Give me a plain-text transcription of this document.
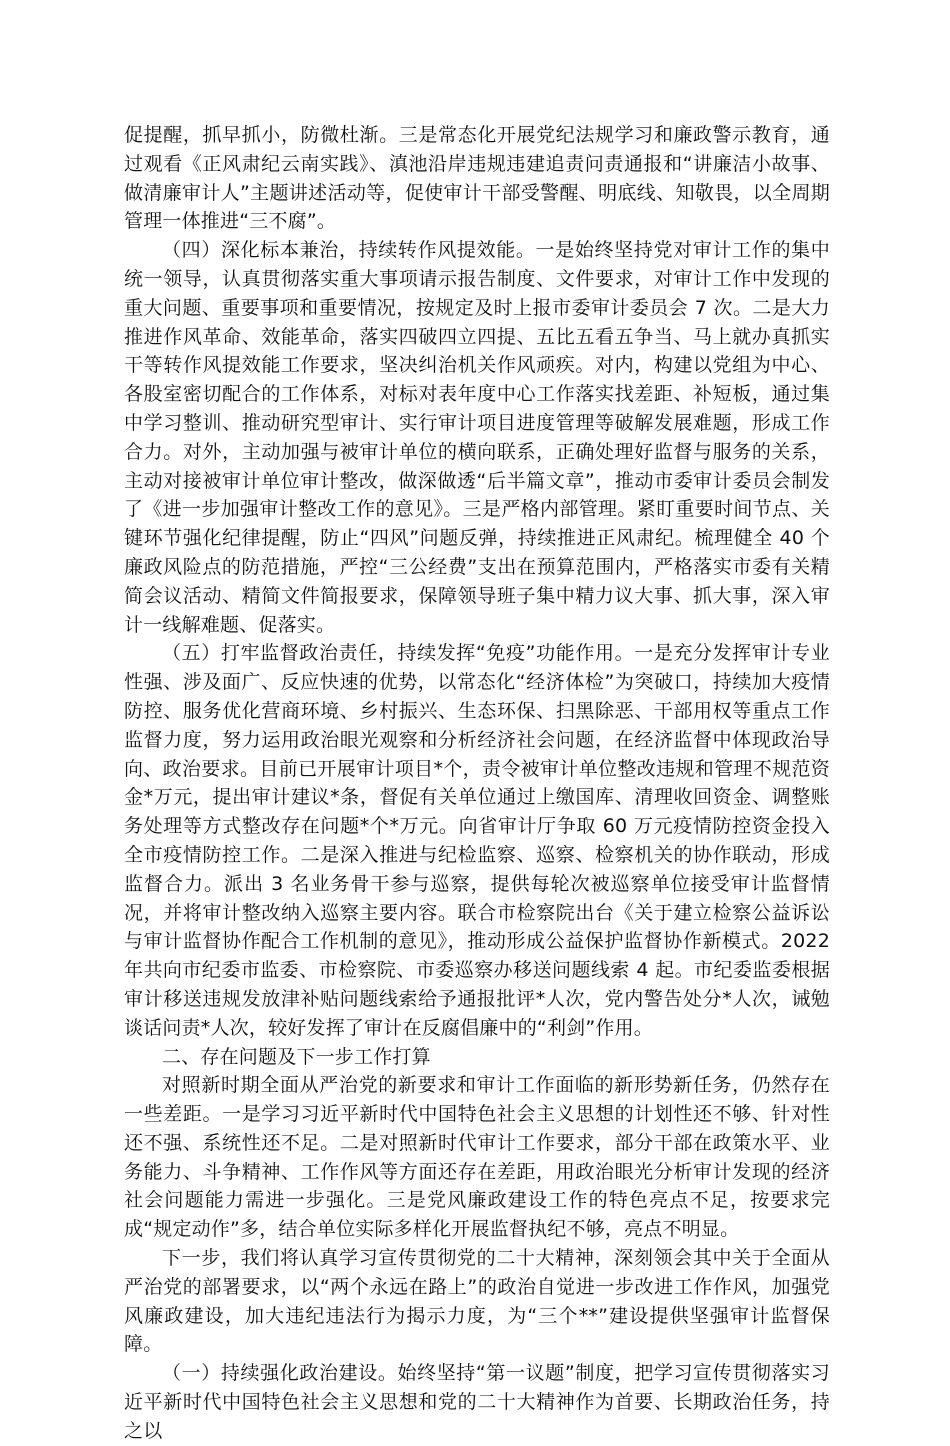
促提醒，抓早抓小，防微杜渐。三是常态化开展党纪法规学习和廉政警示教育，通过观看《正风肃纪云南实践》、滇池沿岸违规违建追责问责通报和“讲廉洁小故事、做清廉审计人”主题讲述活动等，促使审计干部受警醒、明底线、知敬畏，以全周期管理一体推进“三不腐”。

（四）深化标本兼治，持续转作风提效能。一是始终坚持党对审计工作的集中统一领导，认真贯彻落实重大事项请示报告制度、文件要求，对审计工作中发现的重大问题、重要事项和重要情况，按规定及时上报市委审计委员会 7 次。二是大力推进作风革命、效能革命，落实四破四立四提、五比五看五争当、马上就办真抓实干等转作风提效能工作要求，坚决纠治机关作风顽疾。对内，构建以党组为中心、各股室密切配合的工作体系，对标对表年度中心工作落实找差距、补短板，通过集中学习整训、推动研究型审计、实行审计项目进度管理等破解发展难题，形成工作合力。对外，主动加强与被审计单位的横向联系，正确处理好监督与服务的关系，主动对接被审计单位审计整改，做深做透“后半篇文章”，推动市委审计委员会制发了《进一步加强审计整改工作的意见》。三是严格内部管理。紧盯重要时间节点、关键环节强化纪律提醒，防止“四风”问题反弹，持续推进正风肃纪。梳理健全 40 个廉政风险点的防范措施，严控“三公经费”支出在预算范围内，严格落实市委有关精简会议活动、精简文件简报要求，保障领导班子集中精力议大事、抓大事，深入审计一线解难题、促落实。

（五）打牢监督政治责任，持续发挥“免疫”功能作用。一是充分发挥审计专业性强、涉及面广、反应快速的优势，以常态化“经济体检”为突破口，持续加大疫情防控、服务优化营商环境、乡村振兴、生态环保、扫黑除恶、干部用权等重点工作监督力度，努力运用政治眼光观察和分析经济社会问题，在经济监督中体现政治导向、政治要求。目前已开展审计项目*个，责令被审计单位整改违规和管理不规范资金*万元，提出审计建议*条，督促有关单位通过上缴国库、清理收回资金、调整账务处理等方式整改存在问题*个*万元。向省审计厅争取 60 万元疫情防控资金投入全市疫情防控工作。二是深入推进与纪检监察、巡察、检察机关的协作联动，形成监督合力。派出 3 名业务骨干参与巡察，提供每轮次被巡察单位接受审计监督情况，并将审计整改纳入巡察主要内容。联合市检察院出台《关于建立检察公益诉讼与审计监督协作配合工作机制的意见》，推动形成公益保护监督协作新模式。2022 年共向市纪委市监委、市检察院、市委巡察办移送问题线索 4 起。市纪委监委根据审计移送违规发放津补贴问题线索给予通报批评*人次，党内警告处分*人次，诫勉谈话问责*人次，较好发挥了审计在反腐倡廉中的“利剑”作用。

二、存在问题及下一步工作打算

对照新时期全面从严治党的新要求和审计工作面临的新形势新任务，仍然存在一些差距。一是学习习近平新时代中国特色社会主义思想的计划性还不够、针对性还不强、系统性还不足。二是对照新时代审计工作要求，部分干部在政策水平、业务能力、斗争精神、工作作风等方面还存在差距，用政治眼光分析审计发现的经济社会问题能力需进一步强化。三是党风廉政建设工作的特色亮点不足，按要求完成“规定动作”多，结合单位实际多样化开展监督执纪不够，亮点不明显。

下一步，我们将认真学习宣传贯彻党的二十大精神，深刻领会其中关于全面从严治党的部署要求，以“两个永远在路上”的政治自觉进一步改进工作作风，加强党风廉政建设，加大违纪违法行为揭示力度，为“三个**”建设提供坚强审计监督保障。

（一）持续强化政治建设。始终坚持“第一议题”制度，把学习宣传贯彻落实习近平新时代中国特色社会主义思想和党的二十大精神作为首要、长期政治任务，持之以
